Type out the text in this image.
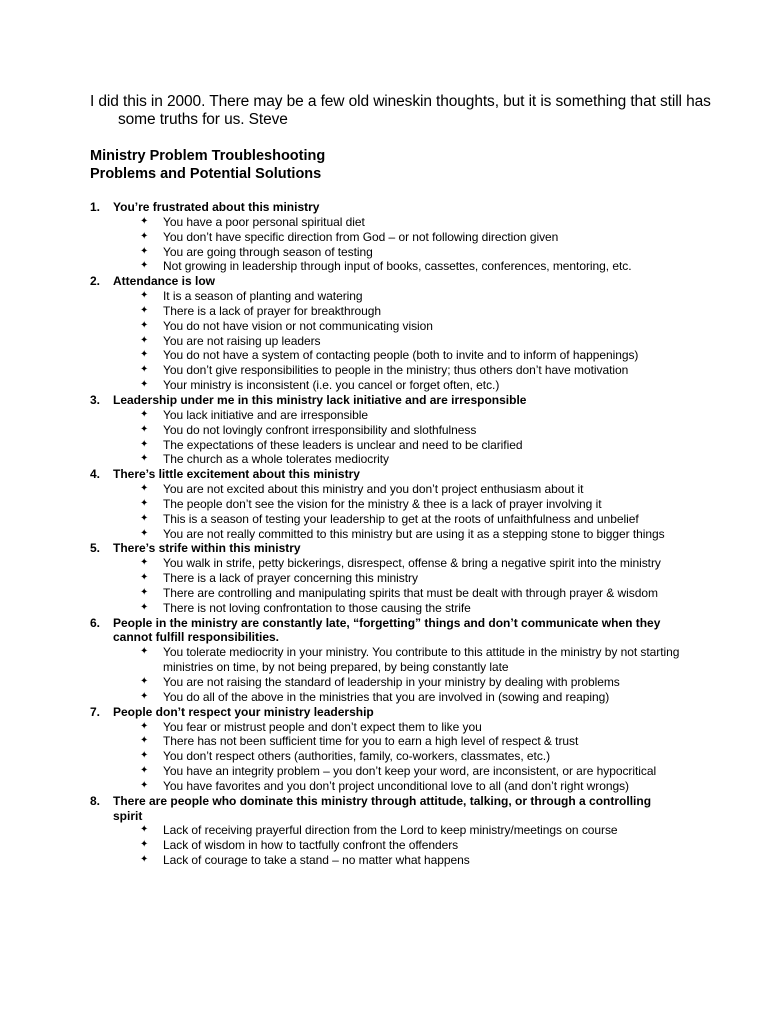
I did this in 2000. There may be a few old wineskin thoughts, but it is something that still has some truths for us. Steve

Ministry Problem Troubleshooting
Problems and Potential Solutions
1.	You’re frustrated about this ministry
✦	You have a poor personal spiritual diet
✦	You don’t have specific direction from God – or not following direction given
✦	You are going through season of testing
✦	Not growing in leadership through input of books, cassettes, conferences, mentoring, etc.
2.	Attendance is low
✦	It is a season of planting and watering
✦	There is a lack of prayer for breakthrough
✦	You do not have vision or not communicating vision
✦	You are not raising up leaders
✦	You do not have a system of contacting people (both to invite and to inform of happenings)
✦	You don’t give responsibilities to people in the ministry; thus others don’t have motivation
✦	Your ministry is inconsistent (i.e. you cancel or forget often, etc.)
3.	Leadership under me in this ministry lack initiative and are irresponsible
✦	You lack initiative and are irresponsible
✦	You do not lovingly confront irresponsibility and slothfulness
✦	The expectations of these leaders is unclear and need to be clarified
✦	The church as a whole tolerates mediocrity
4.	There’s little excitement about this ministry
✦	You are not excited about this ministry and you don’t project enthusiasm about it
✦	The people don’t see the vision for the ministry & thee is a lack of prayer involving it
✦	This is a season of testing your leadership to get at the roots of unfaithfulness and unbelief
✦	You are not really committed to this ministry but are using it as a stepping stone to bigger things
5.	There’s strife within this ministry
✦	You walk in strife, petty bickerings, disrespect, offense & bring a negative spirit into the ministry
✦	There is a lack of prayer concerning this ministry
✦	There are controlling and manipulating spirits that must be dealt with through prayer & wisdom
✦	There is not loving confrontation to those causing the strife
6.	People in the ministry are constantly late, “forgetting” things and don’t communicate when they cannot fulfill responsibilities.
✦	You tolerate mediocrity in your ministry. You contribute to this attitude in the ministry by not starting ministries on time, by not being prepared, by being constantly late
✦	You are not raising the standard of leadership in your ministry by dealing with problems
✦	You do all of the above in the ministries that you are involved in (sowing and reaping)
7.	People don’t respect your ministry leadership
✦	You fear or mistrust people and don’t expect them to like you
✦	There has not been sufficient time for you to earn a high level of respect & trust
✦	You don’t respect others (authorities, family, co-workers, classmates, etc.)
✦	You have an integrity problem – you don’t keep your word, are inconsistent, or are hypocritical
✦	You have favorites and you don’t project unconditional love to all (and don’t right wrongs)
8.	There are people who dominate this ministry through attitude, talking, or through a controlling spirit
✦	Lack of receiving prayerful direction from the Lord to keep ministry/meetings on course
✦	Lack of wisdom in how to tactfully confront the offenders
✦	Lack of courage to take a stand – no matter what happens
